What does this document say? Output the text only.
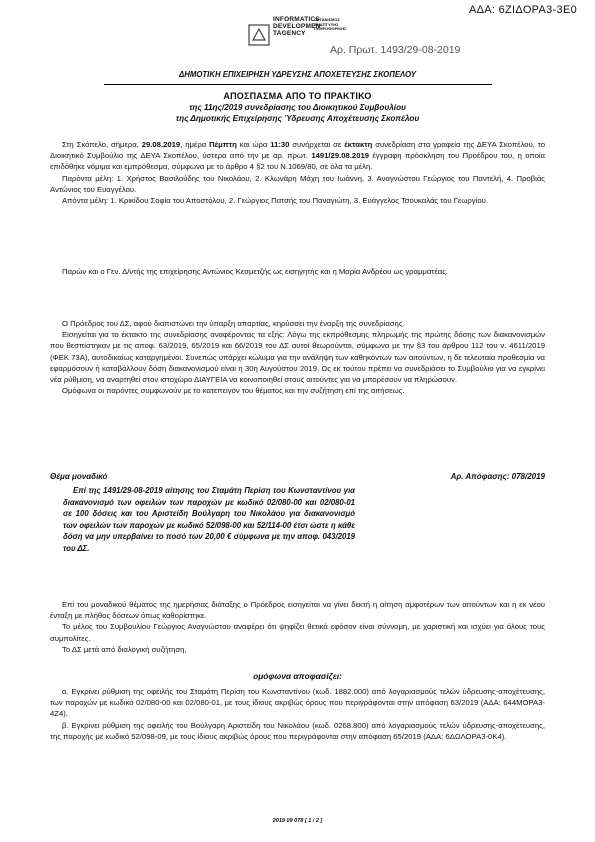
ΑΔΑ: 6ΖΙΔΟΡΑ3-3Ε0
INFORMATICS
DEVELOPMEN
TAGENCY
ΟΡΓΑΝΙΣΜΟΣ
ΑΝΑΠΤΥΞΗΣ
ΠΛΗΡΟΦΟΡΙΚΗΣ
Αρ. Πρωτ. 1493/29-08-2019
ΔΗΜΟΤΙΚΗ ΕΠΙΧΕΙΡΗΣΗ ΥΔΡΕΥΣΗΣ ΑΠΟΧΕΤΕΥΣΗΣ ΣΚΟΠΕΛΟΥ
ΑΠΟΣΠΑΣΜΑ ΑΠΟ ΤΟ ΠΡΑΚΤΙΚΟ
της 11ης/2019 συνεδρίασης του Διοικητικού Συμβουλίου
της Δημοτικής Επιχείρησης Ύδρευσης Αποχέτευσης Σκοπέλου

Στη Σκόπελο, σήμερα, 29.08.2019, ημέρα Πέμπτη και ώρα 11:30 συνήρχεται σε έκτακτη συνεδρίαση στα γραφεία της ΔΕΥΑ Σκοπέλου, το Διοικητικό Συμβούλιο της ΔΕΥΑ Σκοπέλου, ύστερα από την με αρ. πρωτ. 1491/29.08.2019 έγγραφη πρόσκληση του Προέδρου του, η οποία επιδόθηκε νόμιμα και εμπρόθεσμα, σύμφωνα με το άρθρο 4 §2 του Ν.1069/80, σε όλα τα μέλη.

Παρόντα μέλη: 1. Χρήστος Βασιλούδης του Νικολάου, 2. Κλωνάρη Μάχη του Ιωάννη, 3. Αναγνώστου Γεώργιος του Παντελή, 4. Προβιάς Αντώνιος του Ευαγγέλου.

Απόντα μέλη: 1. Κρικίδου Σοφία του Αποστόλου, 2. Γεώργιος Πατσής του Παναγιώτη, 3. Ευάγγελος Τσουκαλάς του Γεωργίου.

Παρών και ο Γεν. Δ/ντής της επιχείρησης Αντώνιος Κεσμετζής ως εισηγητής και η Μαρία Ανδρέου ως γραμματέας.

Ο Πρόεδρος του ΔΣ, αφού διαπιστώνει την ύπαρξη απαρτίας, κηρύσσει την έναρξη της συνεδρίασης.

Εισηγείται για το έκτακτο της συνεδρίασης αναφέροντας τα εξής: Λόγω της εκπρόθεσμης πληρωμής της πρώτης δόσης των διακανονισμών που θεσπίστηκαν με τις αποφ. 63/2019, 65/2019 και 66/2019 του ΔΣ αυτοί θεωρούνται, σύμφωνα με την §3 του άρθρου 112 του ν. 4611/2019 (ΦΕΚ 73Α), αυτοδικαίως καταργημένοι. Συνεπώς υπάρχει κώλυμα για την ανάληψη των καθηκόντων των αιτούντων, η δε τελευταία προθεσμία να εφαρμόσουν ή καταβάλλουν δόση διακανονισμού είναι η 30η Αυγούστου 2019. Ως εκ τούτου πρέπει να συνεδριάσει το Συμβούλιο για να εγκρίνει νέα ρύθμιση, να αναρτηθεί στον ιστοχώρο ΔΙΑΥΓΕΙΑ να κοινοποιηθεί στους αιτούντες για να μπορέσουν να πληρώσουν.

Ομόφωνα οι παρόντες συμφωνούν με το κατεπείγον του θέματος και την συζήτηση επί της αιτήσεως.

Θέμα μοναδικό	Αρ. Απόφασης: 078/2019
Επί της 1491/29-08-2019 αίτησης του Σταμάτη Περίση του Κωνσταντίνου για διακανονισμό των οφειλών των παροχών με κωδικό 02/080-00 και 02/080-01 σε 100 δόσεις και του Αριστείδη Βούλγαρη του Νικολάου για διακανονισμό των οφειλών των παροχών με κωδικό 52/098-00 και 52/114-00 έτσι ώστε η κάθε δόση να μην υπερβαίνει το ποσό των 20,00 € σύμφωνα με την αποφ. 043/2019 του ΔΣ.

Επί του μοναδικού θέματος της ημερήσιας διάταξης ο Πρόεδρος εισηγείται να γίνει δεκτή η αίτηση αμφοτέρων των αιτούντων και η εκ νέου ένταξη με πλήθος δόσεων όπως καθορίστηκε.

Το μέλος του Συμβουλίου Γεώργιος Αναγνώστου αναφέρει ότι ψηφίζει θετικά εφόσον είναι σύννομη, με χαριστική και ισχύει για όλους τους συμπολίτες.

Το ΔΣ μετά από διαλογική συζήτηση,

ομόφωνα αποφασίζει:

α. Εγκρίνει ρύθμιση της οφειλής του Σταμάτη Περίση του Κωνσταντίνου (κωδ. 1882.000) από λογαριασμούς τελών ύδρευσης-αποχέτευσης, των παροχών με κωδικό 02/080-00 και 02/080-01, με τους ίδιους ακριβώς όρους που περιγράφονται στην απόφαση 63/2019 (ΑΔΑ: 644ΜΟΡΑ3-4Ζ4).

β. Εγκρίνει ρύθμιση της οφειλής του Βούλγαρη Αριστείδη του Νικολάου (κωδ. 0268.800) από λογαριασμούς τελών ύδρευσης-αποχέτευσης, της παροχής με κωδικό 52/098-09, με τους ίδιους ακριβώς όρους που περιγράφονται στην απόφαση 65/2019 (ΑΔΑ: 6ΔΩΛΟΡΑ3-0Κ4).

2019 09 078 [ 1 / 2 ]
